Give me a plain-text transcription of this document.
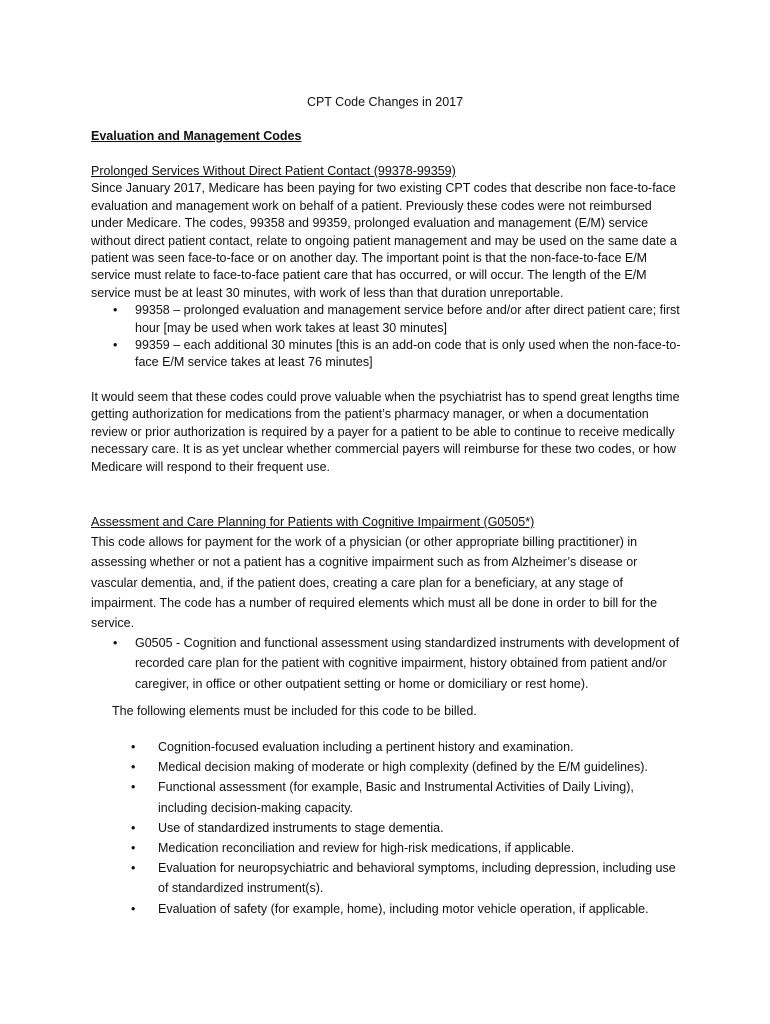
CPT Code Changes in 2017
Evaluation and Management Codes
Prolonged Services Without Direct Patient Contact (99378-99359)

Since January 2017, Medicare has been paying for two existing CPT codes that describe non face-to-face evaluation and management work on behalf of a patient. Previously these codes were not reimbursed under Medicare. The codes, 99358 and 99359, prolonged evaluation and management (E/M) service without direct patient contact, relate to ongoing patient management and may be used on the same date a patient was seen face-to-face or on another day. The important point is that the non-face-to-face E/M service must relate to face-to-face patient care that has occurred, or will occur. The length of the E/M service must be at least 30 minutes, with work of less than that duration unreportable.

• 99358 – prolonged evaluation and management service before and/or after direct patient care; first hour [may be used when work takes at least 30 minutes]
• 99359 – each additional 30 minutes [this is an add-on code that is only used when the non-face-to-face E/M service takes at least 76 minutes]

It would seem that these codes could prove valuable when the psychiatrist has to spend great lengths time getting authorization for medications from the patient’s pharmacy manager, or when a documentation review or prior authorization is required by a payer for a patient to be able to continue to receive medically necessary care. It is as yet unclear whether commercial payers will reimburse for these two codes, or how Medicare will respond to their frequent use.

Assessment and Care Planning for Patients with Cognitive Impairment (G0505*)

This code allows for payment for the work of a physician (or other appropriate billing practitioner) in assessing whether or not a patient has a cognitive impairment such as from Alzheimer’s disease or vascular dementia, and, if the patient does, creating a care plan for a beneficiary, at any stage of impairment. The code has a number of required elements which must all be done in order to bill for the service.

• G0505 - Cognition and functional assessment using standardized instruments with development of recorded care plan for the patient with cognitive impairment, history obtained from patient and/or caregiver, in office or other outpatient setting or home or domiciliary or rest home).
The following elements must be included for this code to be billed.
• Cognition-focused evaluation including a pertinent history and examination.
• Medical decision making of moderate or high complexity (defined by the E/M guidelines).
• Functional assessment (for example, Basic and Instrumental Activities of Daily Living), including decision-making capacity.
• Use of standardized instruments to stage dementia.
• Medication reconciliation and review for high-risk medications, if applicable.
• Evaluation for neuropsychiatric and behavioral symptoms, including depression, including use of standardized instrument(s).
• Evaluation of safety (for example, home), including motor vehicle operation, if applicable.
